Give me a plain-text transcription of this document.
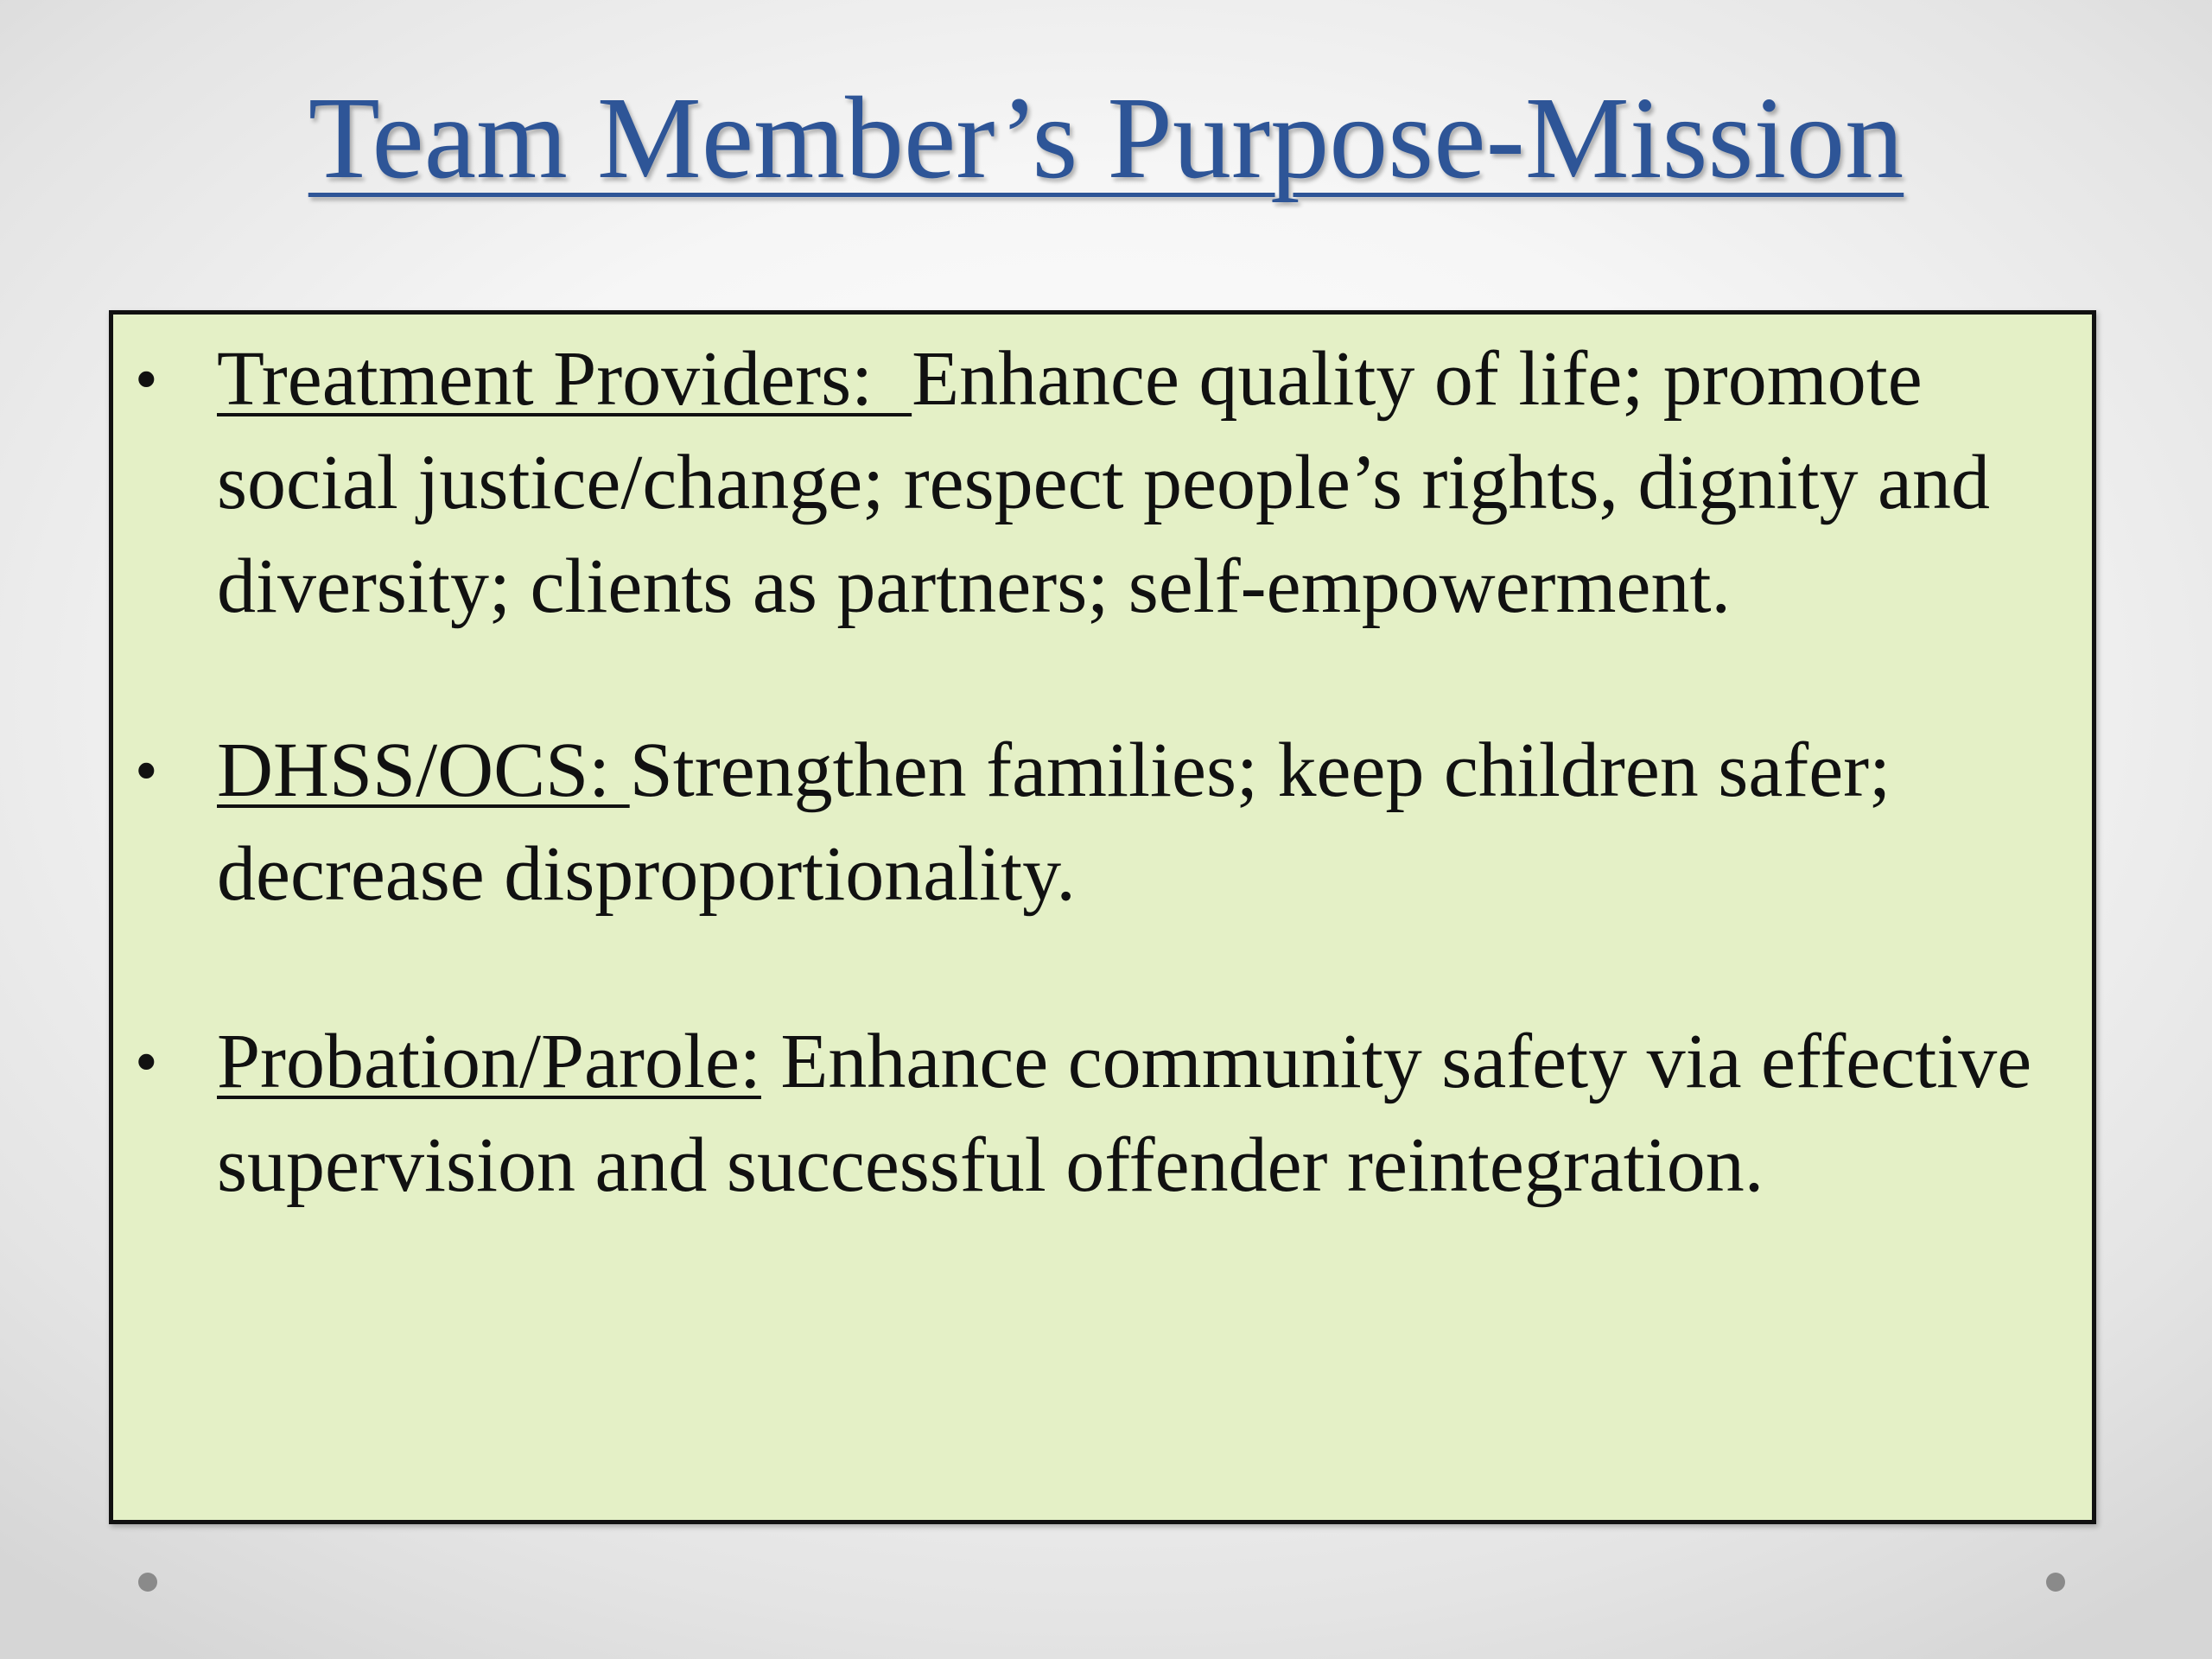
Team Member’s Purpose-Mission
• Treatment Providers:  Enhance quality of life; promote social justice/change; respect people’s rights, dignity and diversity; clients as partners; self-empowerment.
• DHSS/OCS: Strengthen families; keep children safer; decrease disproportionality.
• Probation/Parole: Enhance community safety via effective supervision and successful offender reintegration.
